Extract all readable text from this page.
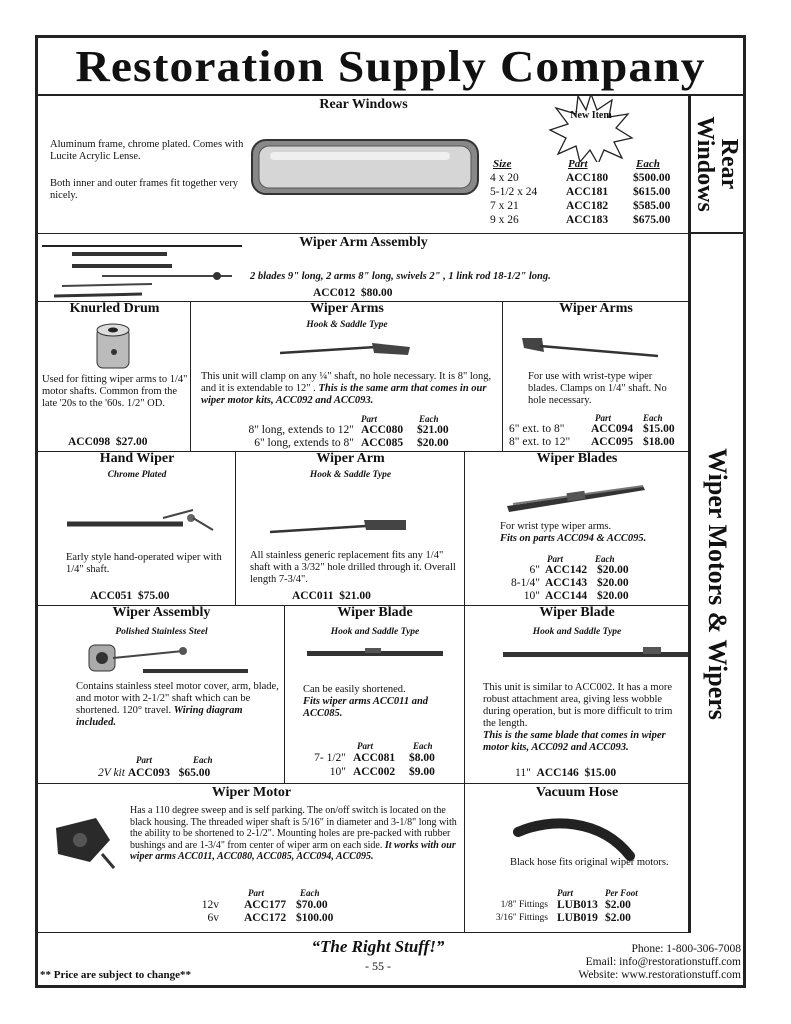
Restoration Supply Company
Rear Windows
Wiper Motors & Wipers
Rear Windows
New Item
Aluminum frame, chrome plated. Comes with Lucite Acrylic Lense.
Both inner and outer frames fit together very nicely.
Size	Part	Each
4 x 20	ACC180 $500.00
5-1/2 x 24 ACC181 $615.00
7 x 21	ACC182 $585.00
9 x 26	ACC183 $675.00
Wiper Arm Assembly
2 blades 9" long, 2 arms 8" long, swivels 2" , 1 link rod 18-1/2" long.
ACC012 $80.00
Knurled Drum
Used for fitting wiper arms to 1/4" motor shafts. Common from the late '20s to the '60s. 1/2" OD.
ACC098 $27.00
Wiper Arms
Hook & Saddle Type
This unit will clamp on any ¼" shaft, no hole necessary. It is 8" long, and it is extendable to 12" . This is the same arm that comes in our wiper motor kits, ACC092 and ACC093.
Part	Each
8" long, extends to 12" ACC080 $21.00
6" long, extends to 8" ACC085 $20.00
Wiper Arms
For use with wrist-type wiper blades. Clamps on 1/4" shaft. No hole necessary.
Part	Each
6" ext. to 8" ACC094 $15.00
8" ext. to 12" ACC095 $18.00
Hand Wiper
Chrome Plated
Early style hand-operated wiper with 1/4" shaft.
ACC051 $75.00
Wiper Arm
Hook & Saddle Type
All stainless generic replacement fits any 1/4" shaft with a 3/32" hole drilled through it. Overall length 7-3/4".
ACC011 $21.00
Wiper Blades
For wrist type wiper arms.
Fits on parts ACC094 & ACC095.
Part	Each
6" ACC142 $20.00
8-1/4" ACC143 $20.00
10" ACC144 $20.00
Wiper Assembly
Polished Stainless Steel
Contains stainless steel motor cover, arm, blade, and motor with 2-1/2" shaft which can be shortened. 120° travel. Wiring diagram included.
Part	Each
2V kit ACC093 $65.00
Wiper Blade
Hook and Saddle Type
Can be easily shortened.
Fits wiper arms ACC011 and ACC085.
Part	Each
7- 1/2" ACC081 $8.00
10" ACC002 $9.00
Wiper Blade
Hook and Saddle Type
This unit is similar to ACC002. It has a more robust attachment area, giving less wobble during operation, but is more difficult to trim the length.
This is the same blade that comes in wiper motor kits, ACC092 and ACC093.
11" ACC146 $15.00
Wiper Motor
Has a 110 degree sweep and is self parking. The on/off switch is located on the black housing. The threaded wiper shaft is 5/16" in diameter and 3-1/8" long with the ability to be shortened to 2-1/2". Mounting holes are pre-packed with rubber bushings and are 1-3/4" from center of wiper arm on each side. It works with our wiper arms ACC011, ACC080, ACC085, ACC094, ACC095.
Part	Each
12v ACC177 $70.00
6v ACC172 $100.00
Vacuum Hose
Black hose fits original wiper motors.
Part	Per Foot
1/8" Fittings LUB013 $2.00
3/16" Fittings LUB019 $2.00
“The Right Stuff!”
- 55 -
** Price are subject to change**
Phone: 1-800-306-7008
Email: info@restorationstuff.com
Website: www.restorationstuff.com
